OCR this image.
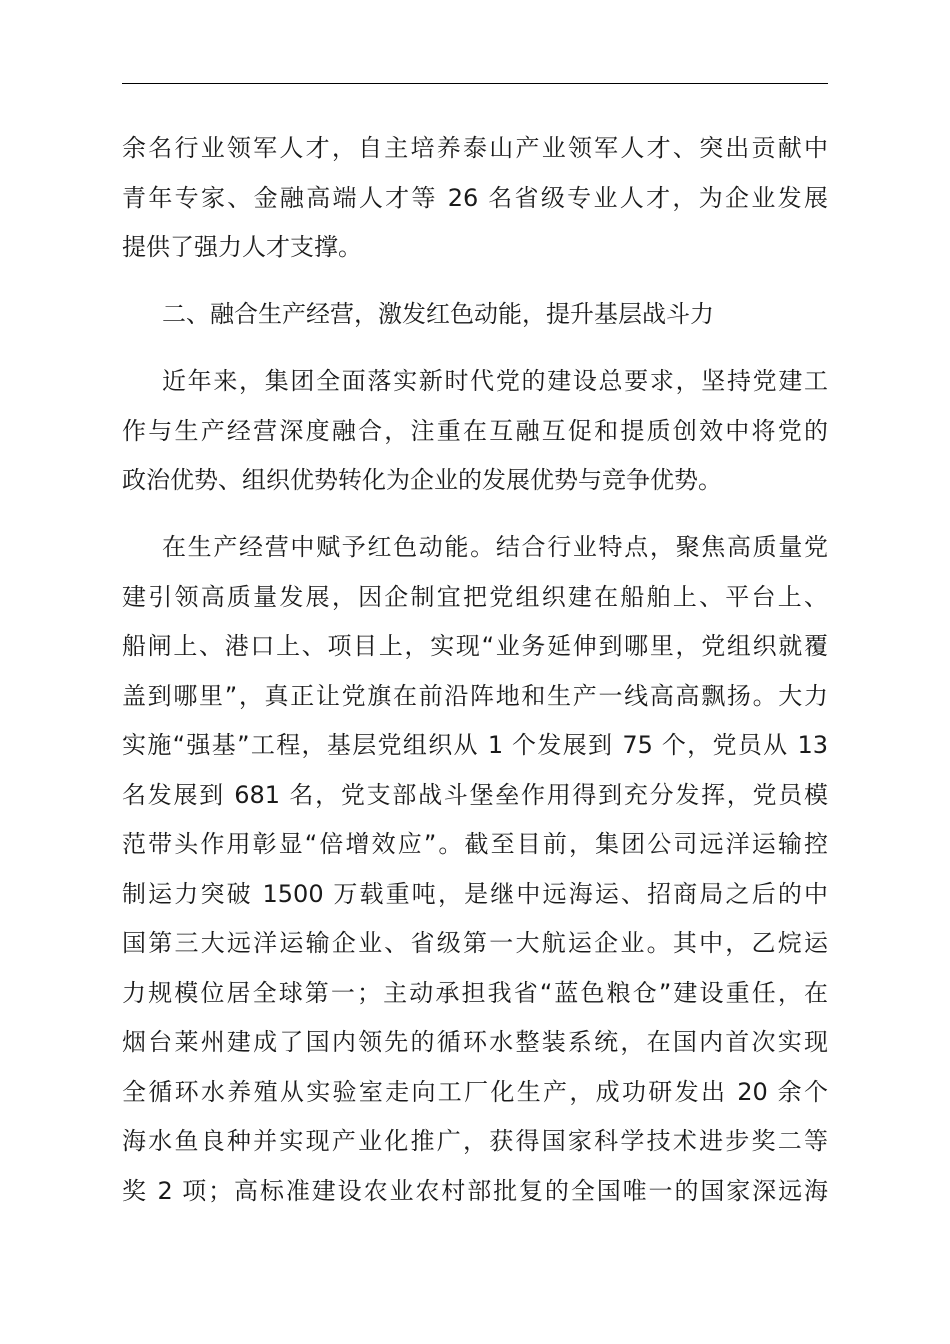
余名行业领军人才，自主培养泰山产业领军人才、突出贡献中
青年专家、金融高端人才等 26 名省级专业人才，为企业发展
提供了强力人才支撑。
二、融合生产经营，激发红色动能，提升基层战斗力
近年来，集团全面落实新时代党的建设总要求，坚持党建工
作与生产经营深度融合，注重在互融互促和提质创效中将党的
政治优势、组织优势转化为企业的发展优势与竞争优势。
在生产经营中赋予红色动能。结合行业特点，聚焦高质量党
建引领高质量发展，因企制宜把党组织建在船舶上、平台上、
船闸上、港口上、项目上，实现“业务延伸到哪里，党组织就覆
盖到哪里”，真正让党旗在前沿阵地和生产一线高高飘扬。大力
实施“强基”工程，基层党组织从 1 个发展到 75 个，党员从 13
名发展到 681 名，党支部战斗堡垒作用得到充分发挥，党员模
范带头作用彰显“倍增效应”。截至目前，集团公司远洋运输控
制运力突破 1500 万载重吨，是继中远海运、招商局之后的中
国第三大远洋运输企业、省级第一大航运企业。其中，乙烷运
力规模位居全球第一；主动承担我省“蓝色粮仓”建设重任，在
烟台莱州建成了国内领先的循环水整装系统，在国内首次实现
全循环水养殖从实验室走向工厂化生产，成功研发出 20 余个
海水鱼良种并实现产业化推广，获得国家科学技术进步奖二等
奖 2 项；高标准建设农业农村部批复的全国唯一的国家深远海
